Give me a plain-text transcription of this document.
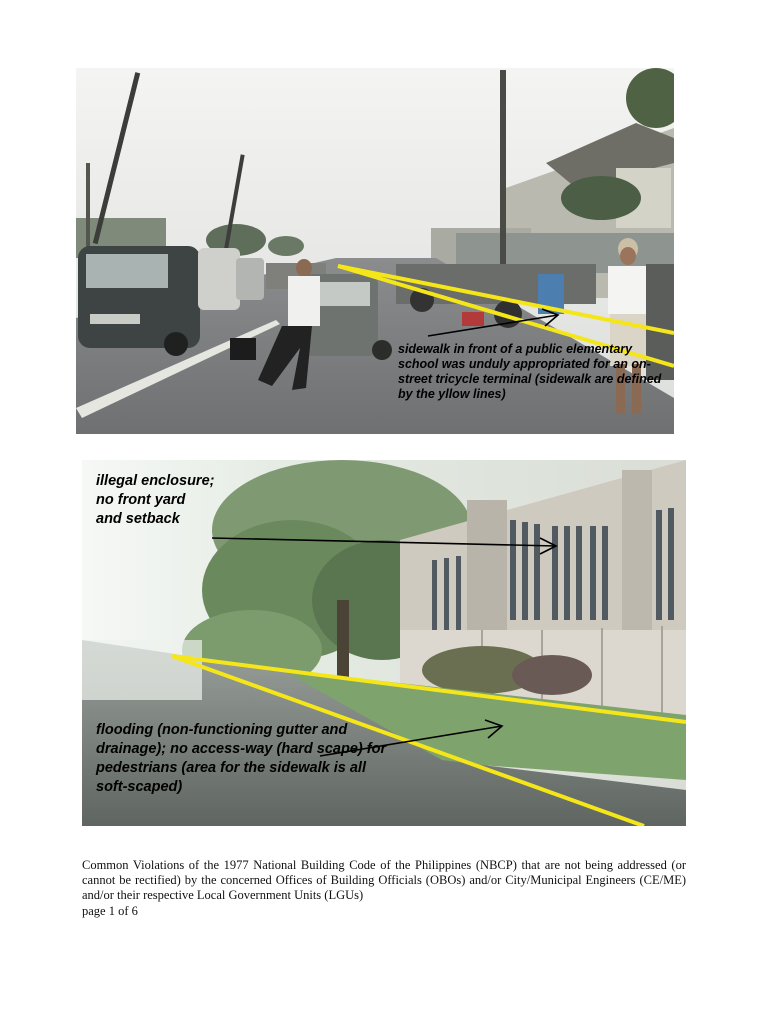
sidewalk in front of a public elementary school was unduly appropriated for an on-street tricycle terminal (sidewalk are defined by the yllow lines)

illegal enclosure;
no front yard
and setback

flooding (non-functioning gutter and drainage); no access-way (hard scape) for pedestrians (area for the sidewalk is all soft-scaped)

Common Violations of the 1977 National Building Code of the Philippines (NBCP) that are not being addressed (or cannot be rectified) by the concerned Offices of Building Officials (OBOs) and/or City/Municipal Engineers (CE/ME) and/or their respective Local Government Units (LGUs)

page 1 of 6
